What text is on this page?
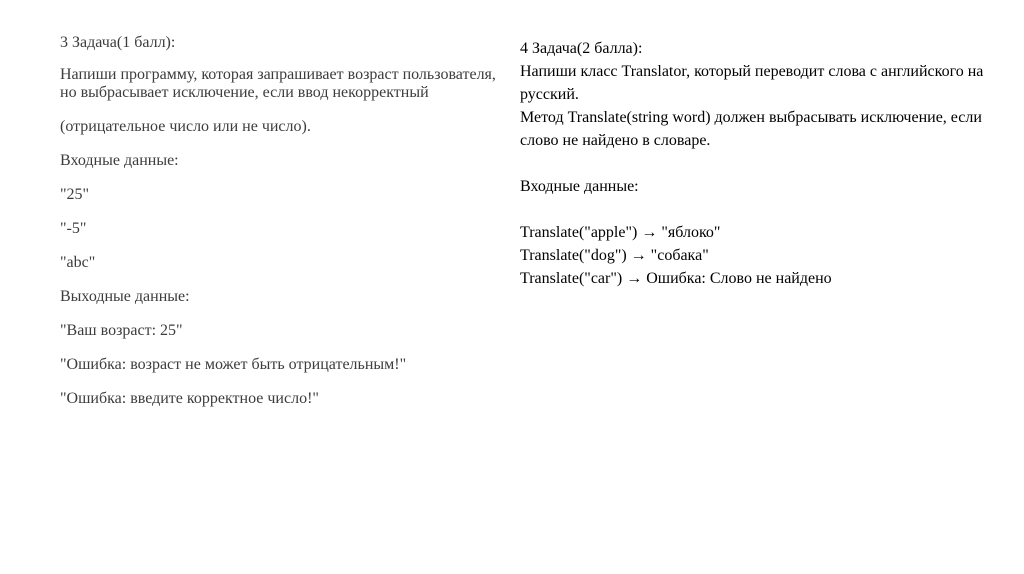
3 Задача(1 балл):

Напиши программу, которая запрашивает возраст пользователя, но выбрасывает исключение, если ввод некорректный

(отрицательное число или не число).

Входные данные:

"25"

"-5"

"abc"

Выходные данные:

"Ваш возраст: 25"

"Ошибка: возраст не может быть отрицательным!"

"Ошибка: введите корректное число!"

4 Задача(2 балла):

Напиши класс Translator, который переводит слова с английского на русский.

Метод Translate(string word) должен выбрасывать исключение, если слово не найдено в словаре.

Входные данные:

Translate("apple") → "яблоко"

Translate("dog") → "собака"

Translate("car") → Ошибка: Слово не найдено
